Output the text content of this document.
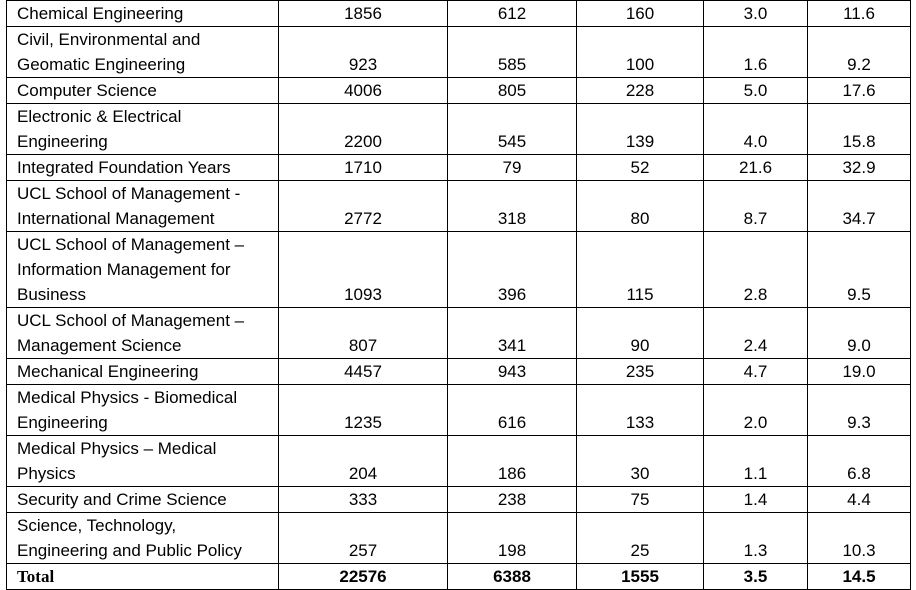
Chemical Engineering	1856	612	160	3.0	11.6

Civil, Environmental and
Geomatic Engineering	923	585	100	1.6	9.2

Computer Science	4006	805	228	5.0	17.6

Electronic & Electrical
Engineering	2200	545	139	4.0	15.8

Integrated Foundation Years	1710	79	52	21.6	32.9

UCL School of Management -
International Management	2772	318	80	8.7	34.7

UCL School of Management –
Information Management for
Business	1093	396	115	2.8	9.5

UCL School of Management –
Management Science	807	341	90	2.4	9.0

Mechanical Engineering	4457	943	235	4.7	19.0

Medical Physics - Biomedical
Engineering	1235	616	133	2.0	9.3

Medical Physics – Medical
Physics	204	186	30	1.1	6.8

Security and Crime Science	333	238	75	1.4	4.4

Science, Technology,
Engineering and Public Policy	257	198	25	1.3	10.3
Total	22576	6388	1555	3.5	14.5
